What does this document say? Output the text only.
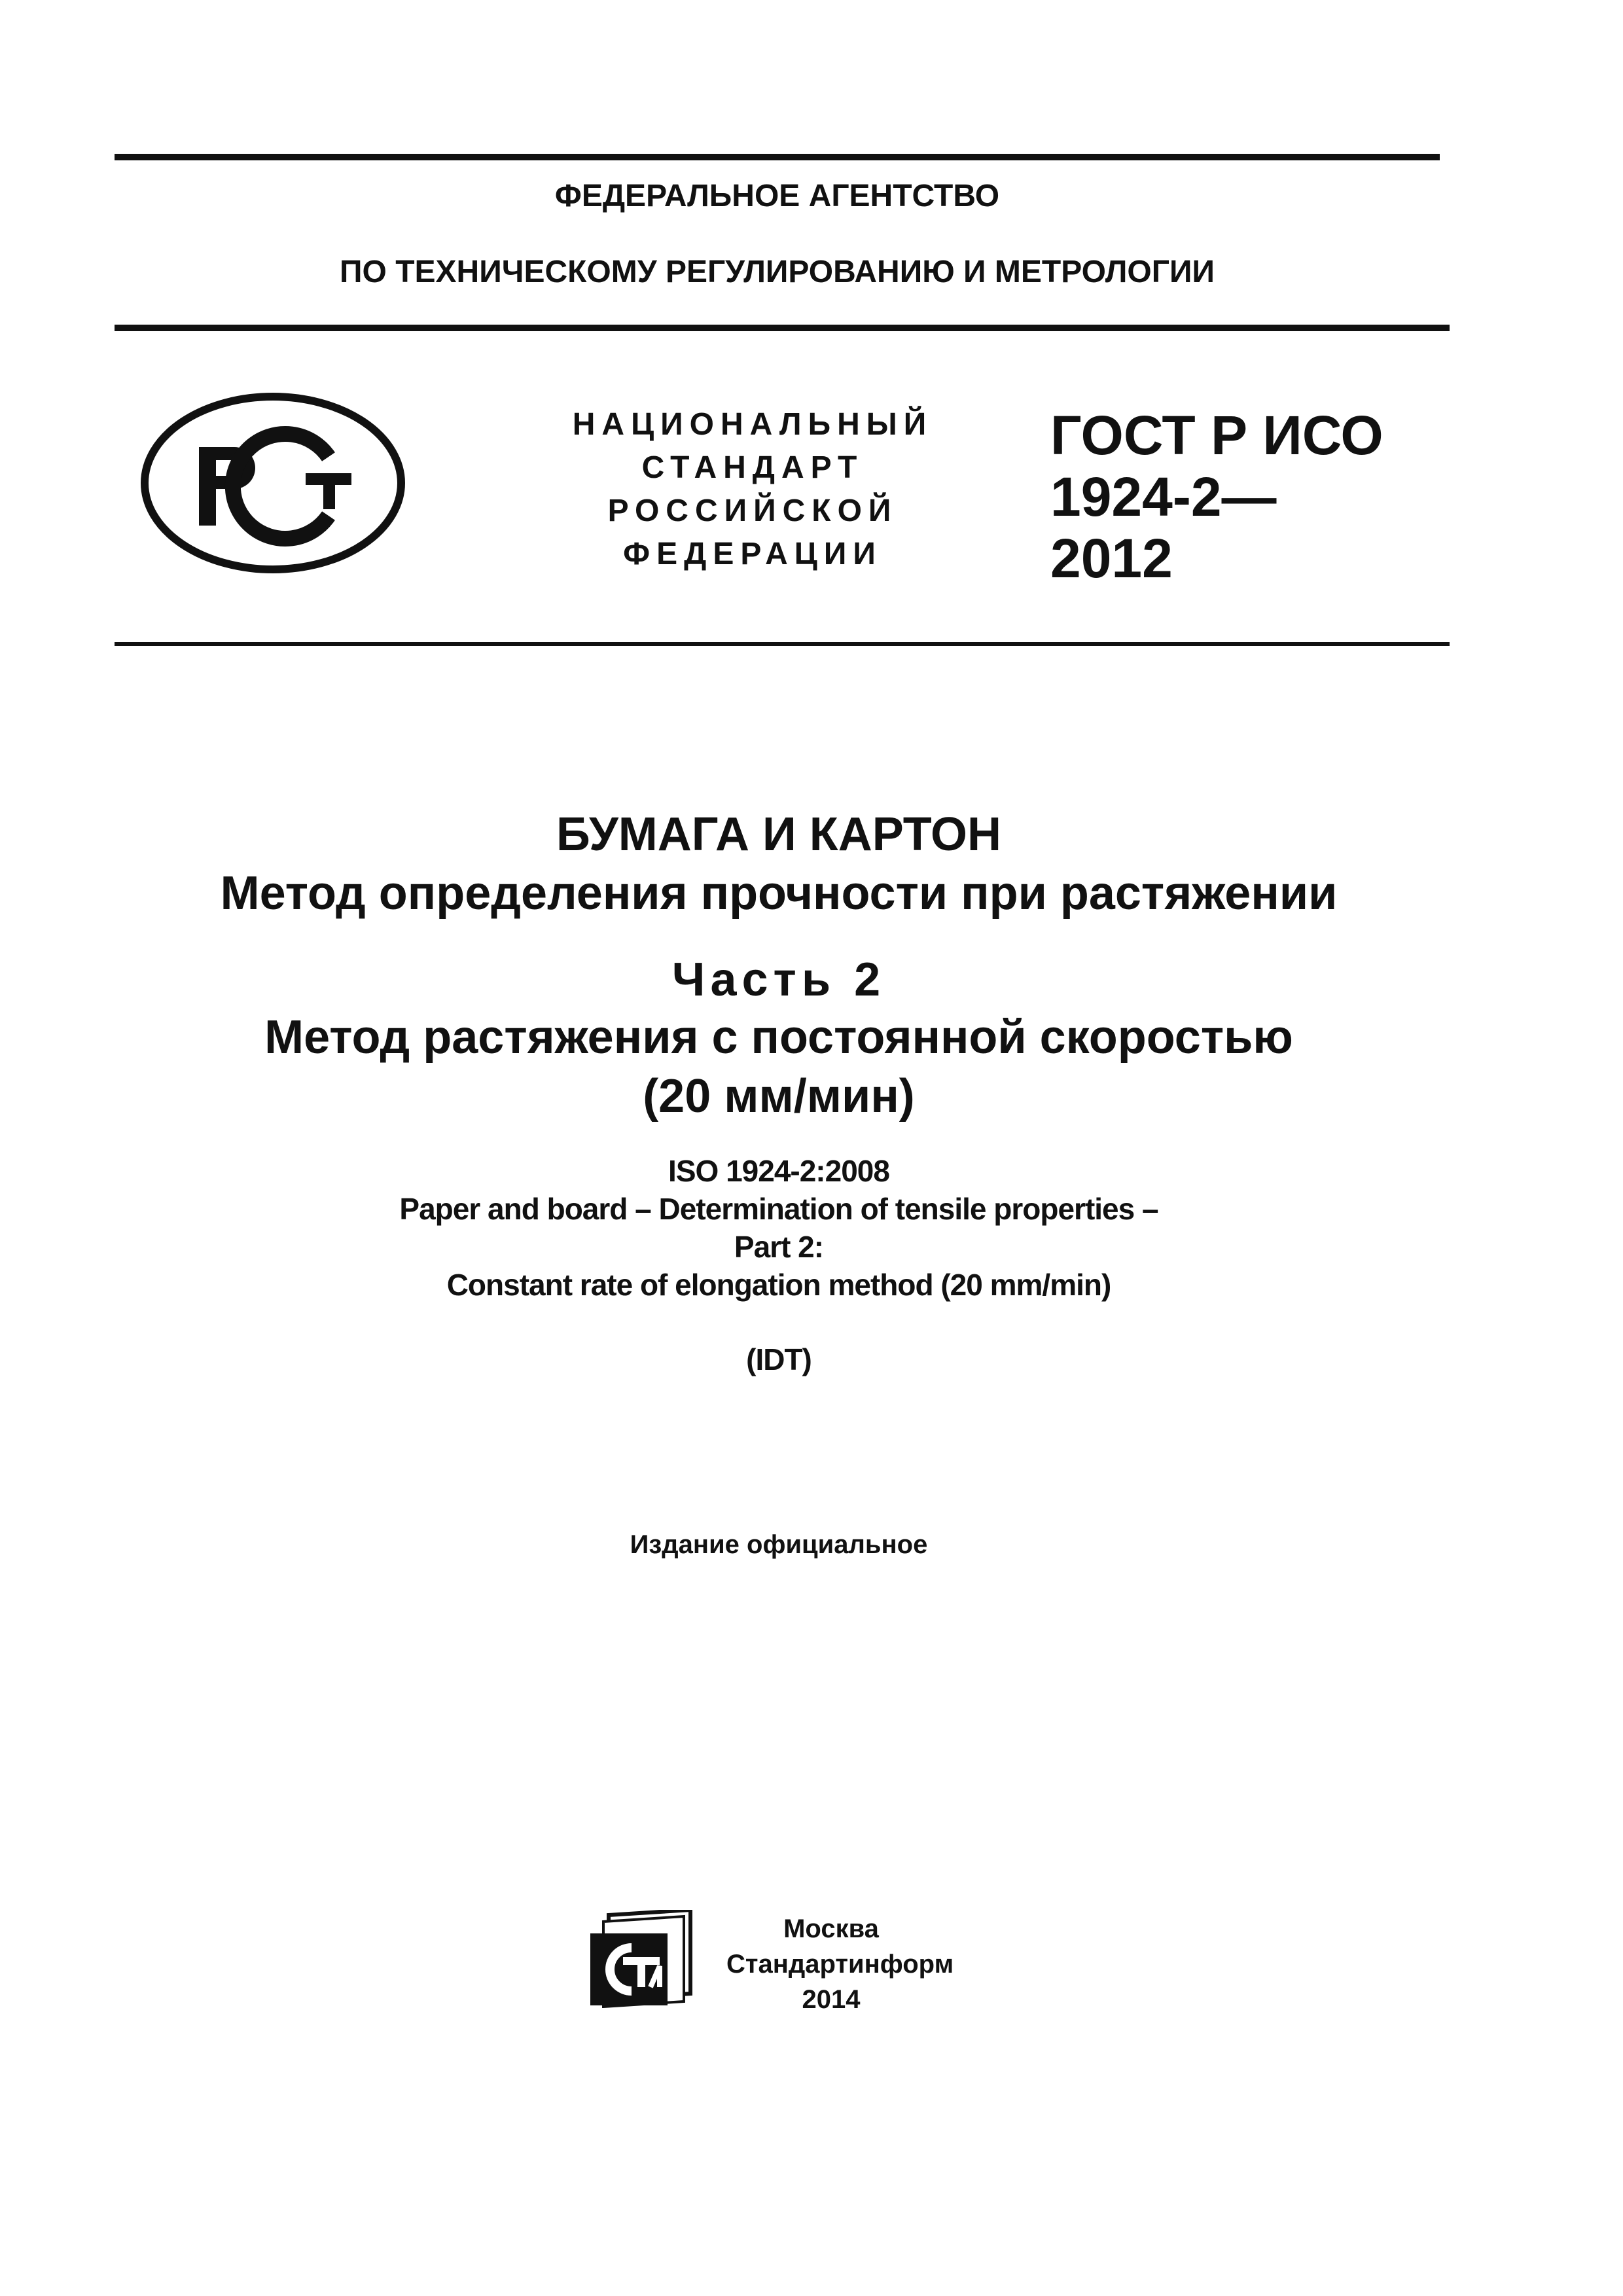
ФЕДЕРАЛЬНОЕ АГЕНТСТВО
ПО ТЕХНИЧЕСКОМУ РЕГУЛИРОВАНИЮ И МЕТРОЛОГИИ
НАЦИОНАЛЬНЫЙ
СТАНДАРТ
РОССИЙСКОЙ
ФЕДЕРАЦИИ
ГОСТ Р ИСО
1924-2—
2012
БУМАГА И КАРТОН
Метод определения прочности при растяжении
Часть 2
Метод растяжения с постоянной скоростью
(20 мм/мин)
ISO 1924-2:2008
Paper and board – Determination of tensile properties –
Part 2:
Constant rate of elongation method (20 mm/min)
(IDT)
Издание официальное
Москва
Стандартинформ
2014
